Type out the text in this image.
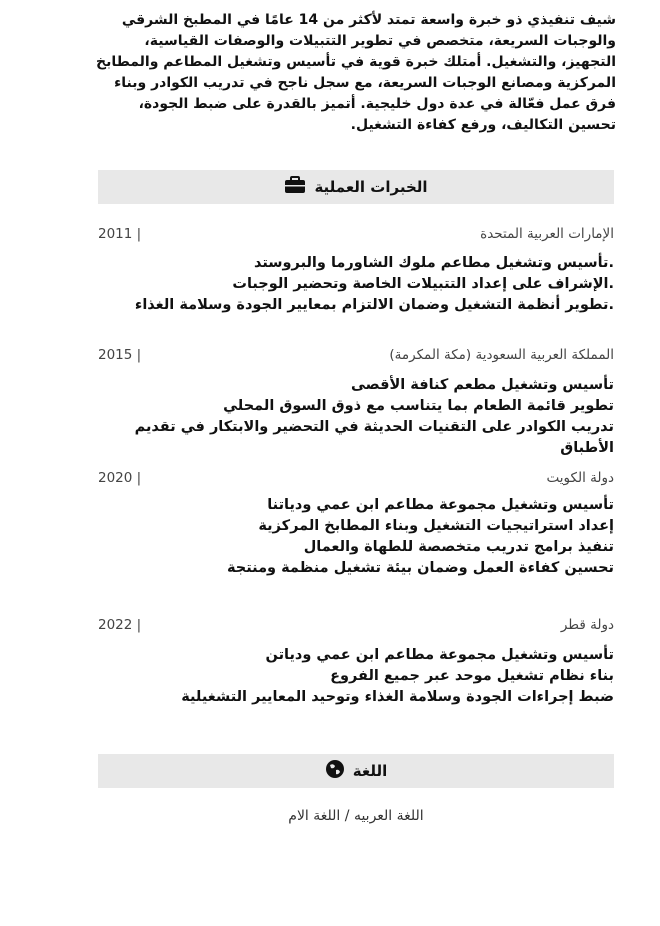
شيف تنفيذي ذو خبرة واسعة تمتد لأكثر من 14 عامًا في المطبخ الشرقي والوجبات السريعة، متخصص في تطوير التتبيلات والوصفات القياسية، التجهيز، والتشغيل. أمتلك خبرة قوية في تأسيس وتشغيل المطاعم والمطابخ المركزية ومصانع الوجبات السريعة، مع سجل ناجح في تدريب الكوادر وبناء فرق عمل فعّالة في عدة دول خليجية. أتميز بالقدرة على ضبط الجودة، تحسين التكاليف، ورفع كفاءة التشغيل.

الخبرات العملية
2011 |	الإمارات العربية المتحدة
.تأسيس وتشغيل مطاعم ملوك الشاورما والبروستد
.الإشراف على إعداد التتبيلات الخاصة وتحضير الوجبات
.تطوير أنظمة التشغيل وضمان الالتزام بمعايير الجودة وسلامة الغذاء
2015 |	المملكة العربية السعودية (مكة المكرمة)
تأسيس وتشغيل مطعم كنافة الأقصى
تطوير قائمة الطعام بما يتناسب مع ذوق السوق المحلي
تدريب الكوادر على التقنيات الحديثة في التحضير والابتكار في تقديم الأطباق
2020 |	دولة الكويت
تأسيس وتشغيل مجموعة مطاعم ابن عمي ودياتنا
إعداد استراتيجيات التشغيل وبناء المطابخ المركزية
تنفيذ برامج تدريب متخصصة للطهاة والعمال
تحسين كفاءة العمل وضمان بيئة تشغيل منظمة ومنتجة
2022 |	دولة قطر
تأسيس وتشغيل مجموعة مطاعم ابن عمي ودياتن
بناء نظام تشغيل موحد عبر جميع الفروع
ضبط إجراءات الجودة وسلامة الغذاء وتوحيد المعايير التشغيلية
اللغة
اللغة العربيه / اللغة الام
